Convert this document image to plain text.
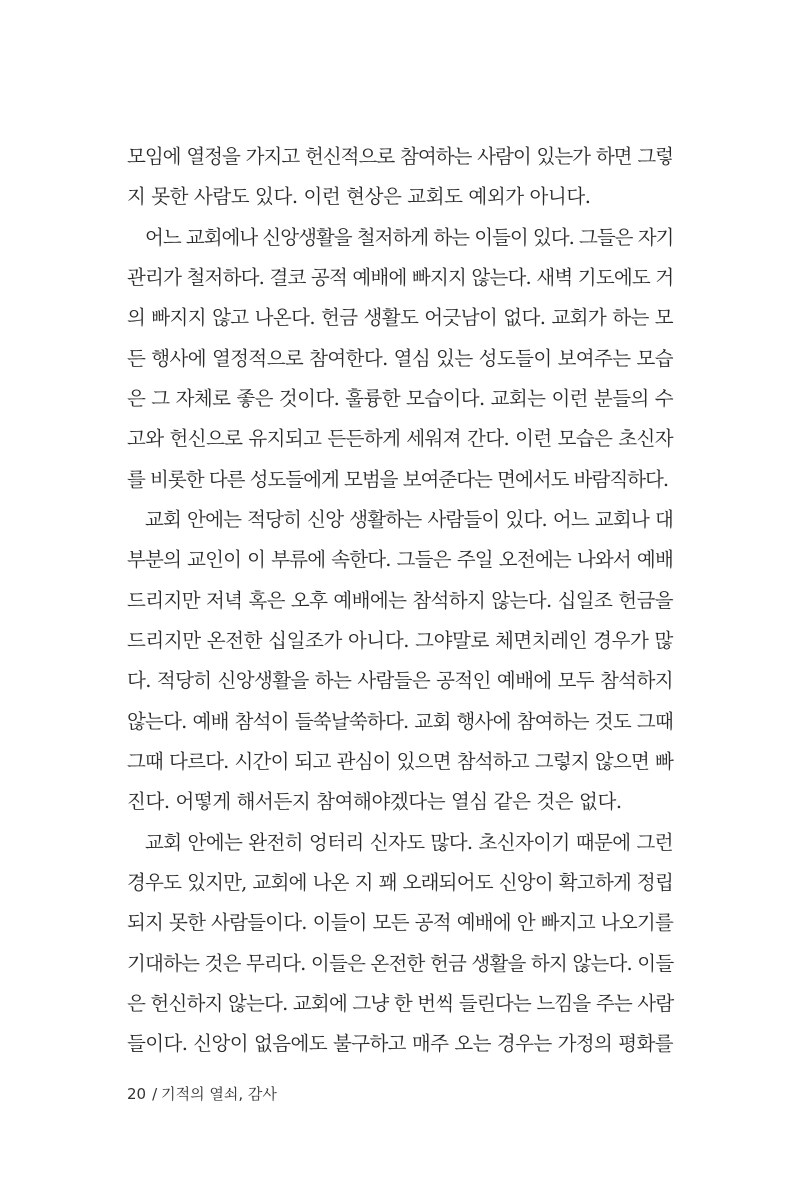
모임에 열정을 가지고 헌신적으로 참여하는 사람이 있는가 하면 그렇
지 못한 사람도 있다. 이런 현상은 교회도 예외가 아니다.
어느 교회에나 신앙생활을 철저하게 하는 이들이 있다. 그들은 자기
관리가 철저하다. 결코 공적 예배에 빠지지 않는다. 새벽 기도에도 거
의 빠지지 않고 나온다. 헌금 생활도 어긋남이 없다. 교회가 하는 모
든 행사에 열정적으로 참여한다. 열심 있는 성도들이 보여주는 모습
은 그 자체로 좋은 것이다. 훌륭한 모습이다. 교회는 이런 분들의 수
고와 헌신으로 유지되고 든든하게 세워져 간다. 이런 모습은 초신자
를 비롯한 다른 성도들에게 모범을 보여준다는 면에서도 바람직하다.
교회 안에는 적당히 신앙 생활하는 사람들이 있다. 어느 교회나 대
부분의 교인이 이 부류에 속한다. 그들은 주일 오전에는 나와서 예배
드리지만 저녁 혹은 오후 예배에는 참석하지 않는다. 십일조 헌금을
드리지만 온전한 십일조가 아니다. 그야말로 체면치레인 경우가 많
다. 적당히 신앙생활을 하는 사람들은 공적인 예배에 모두 참석하지
않는다. 예배 참석이 들쑥날쑥하다. 교회 행사에 참여하는 것도 그때
그때 다르다. 시간이 되고 관심이 있으면 참석하고 그렇지 않으면 빠
진다. 어떻게 해서든지 참여해야겠다는 열심 같은 것은 없다.
교회 안에는 완전히 엉터리 신자도 많다. 초신자이기 때문에 그런
경우도 있지만, 교회에 나온 지 꽤 오래되어도 신앙이 확고하게 정립
되지 못한 사람들이다. 이들이 모든 공적 예배에 안 빠지고 나오기를
기대하는 것은 무리다. 이들은 온전한 헌금 생활을 하지 않는다. 이들
은 헌신하지 않는다. 교회에 그냥 한 번씩 들린다는 느낌을 주는 사람
들이다. 신앙이 없음에도 불구하고 매주 오는 경우는 가정의 평화를
20 / 기적의 열쇠, 감사
